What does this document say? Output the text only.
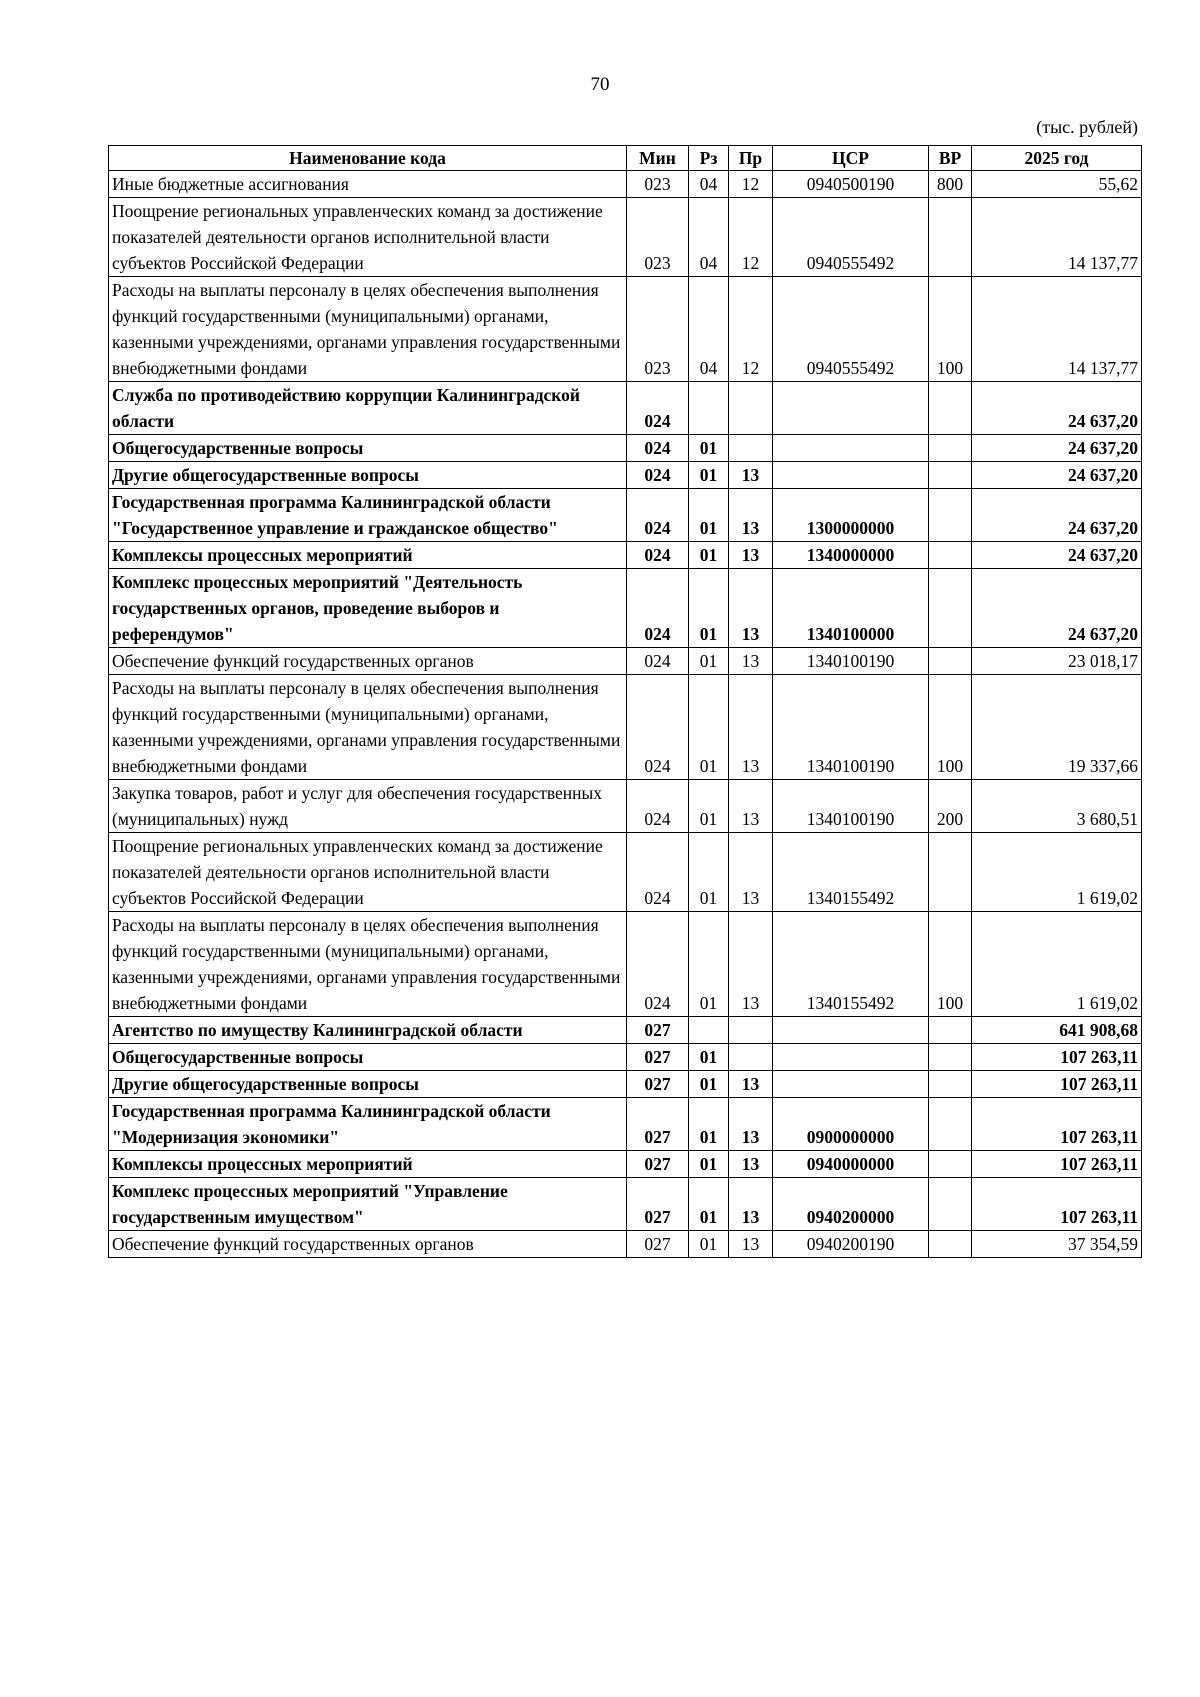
70
(тыс. рублей)
Наименование кода	Мин	Рз	Пр	ЦСР	ВР	2025 год
Иные бюджетные ассигнования	023	04	12	0940500190	800	55,62
Поощрение региональных управленческих команд за достижение показателей деятельности органов исполнительной власти субъектов Российской Федерации	023	04	12	0940555492		14 137,77
Расходы на выплаты персоналу в целях обеспечения выполнения функций государственными (муниципальными) органами, казенными учреждениями, органами управления государственными внебюджетными фондами	023	04	12	0940555492	100	14 137,77
Служба по противодействию коррупции Калининградской области	024					24 637,20
Общегосударственные вопросы	024	01				24 637,20
Другие общегосударственные вопросы	024	01	13			24 637,20
Государственная программа Калининградской области "Государственное управление и гражданское общество"	024	01	13	1300000000		24 637,20
Комплексы процессных мероприятий	024	01	13	1340000000		24 637,20
Комплекс процессных мероприятий "Деятельность государственных органов, проведение выборов и референдумов"	024	01	13	1340100000		24 637,20
Обеспечение функций государственных органов	024	01	13	1340100190		23 018,17
Расходы на выплаты персоналу в целях обеспечения выполнения функций государственными (муниципальными) органами, казенными учреждениями, органами управления государственными внебюджетными фондами	024	01	13	1340100190	100	19 337,66
Закупка товаров, работ и услуг для обеспечения государственных (муниципальных) нужд	024	01	13	1340100190	200	3 680,51
Поощрение региональных управленческих команд за достижение показателей деятельности органов исполнительной власти субъектов Российской Федерации	024	01	13	1340155492		1 619,02
Расходы на выплаты персоналу в целях обеспечения выполнения функций государственными (муниципальными) органами, казенными учреждениями, органами управления государственными внебюджетными фондами	024	01	13	1340155492	100	1 619,02
Агентство по имуществу Калининградской области	027					641 908,68
Общегосударственные вопросы	027	01				107 263,11
Другие общегосударственные вопросы	027	01	13			107 263,11
Государственная программа Калининградской области "Модернизация экономики"	027	01	13	0900000000		107 263,11
Комплексы процессных мероприятий	027	01	13	0940000000		107 263,11
Комплекс процессных мероприятий "Управление государственным имуществом"	027	01	13	0940200000		107 263,11
Обеспечение функций государственных органов	027	01	13	0940200190		37 354,59
